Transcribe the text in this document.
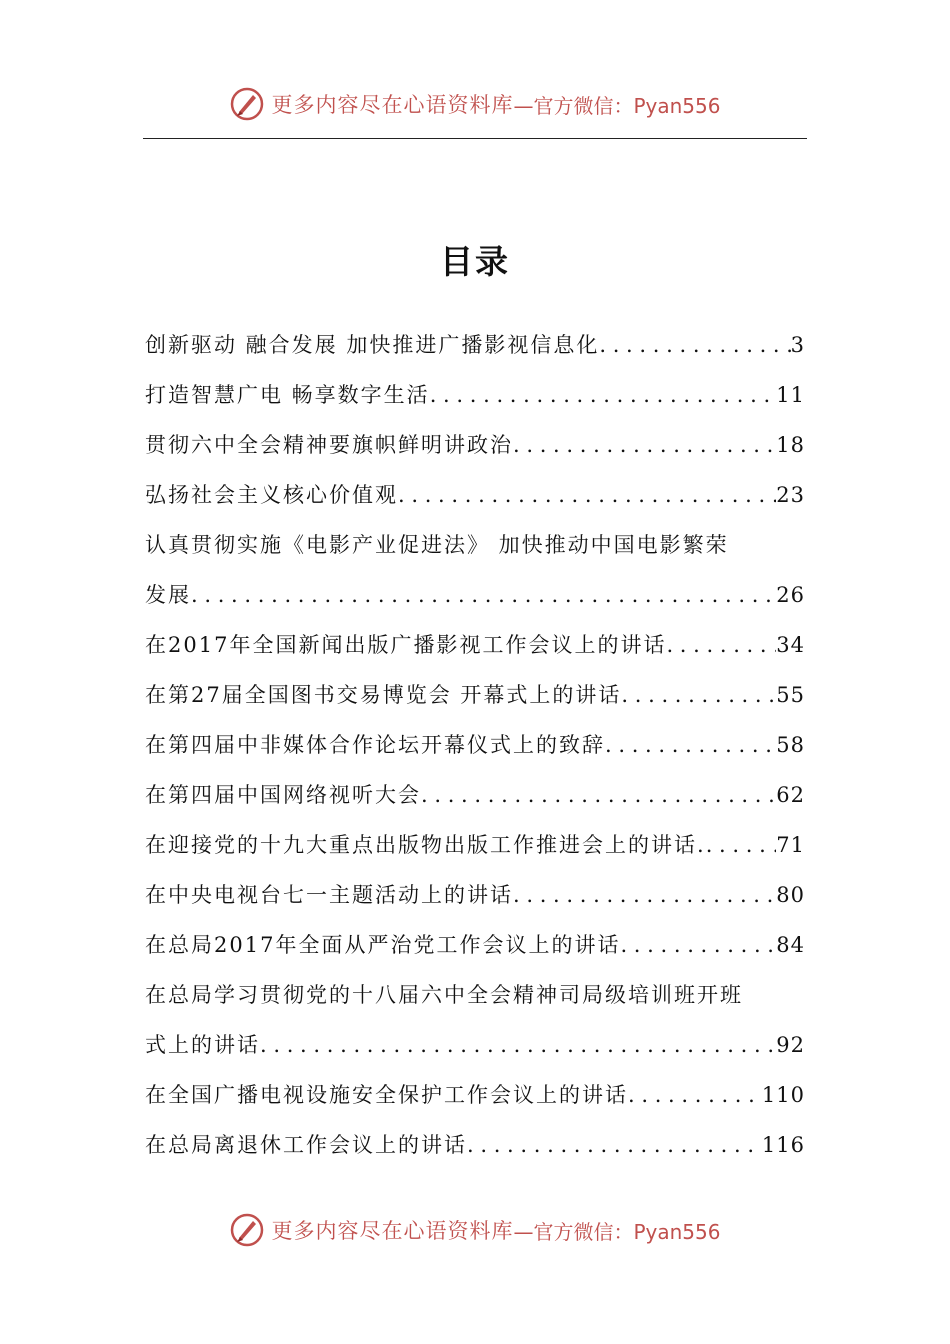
更多内容尽在心语资料库 —官方微信：Pyan556
目录
创新驱动 融合发展 加快推进广播影视信息化 . . .	3
打造智慧广电 畅享数字生活 . . .	11
贯彻六中全会精神要旗帜鲜明讲政治 . . .	18
弘扬社会主义核心价值观 . . .	23
认真贯彻实施《电影产业促进法》 加快推动中国电影繁荣
发展 . . .	26
在2017年全国新闻出版广播影视工作会议上的讲话 . . .	34
在第27届全国图书交易博览会 开幕式上的讲话 . . .	55
在第四届中非媒体合作论坛开幕仪式上的致辞 . . .	58
在第四届中国网络视听大会 . . .	62
在迎接党的十九大重点出版物出版工作推进会上的讲话. . . .	71
在中央电视台七一主题活动上的讲话 . . .	80
在总局2017年全面从严治党工作会议上的讲话 . . .	84
在总局学习贯彻党的十八届六中全会精神司局级培训班开班
式上的讲话 . . .	92
在全国广播电视设施安全保护工作会议上的讲话 . . .	110
在总局离退休工作会议上的讲话 . . .	116
更多内容尽在心语资料库 —官方微信：Pyan556
